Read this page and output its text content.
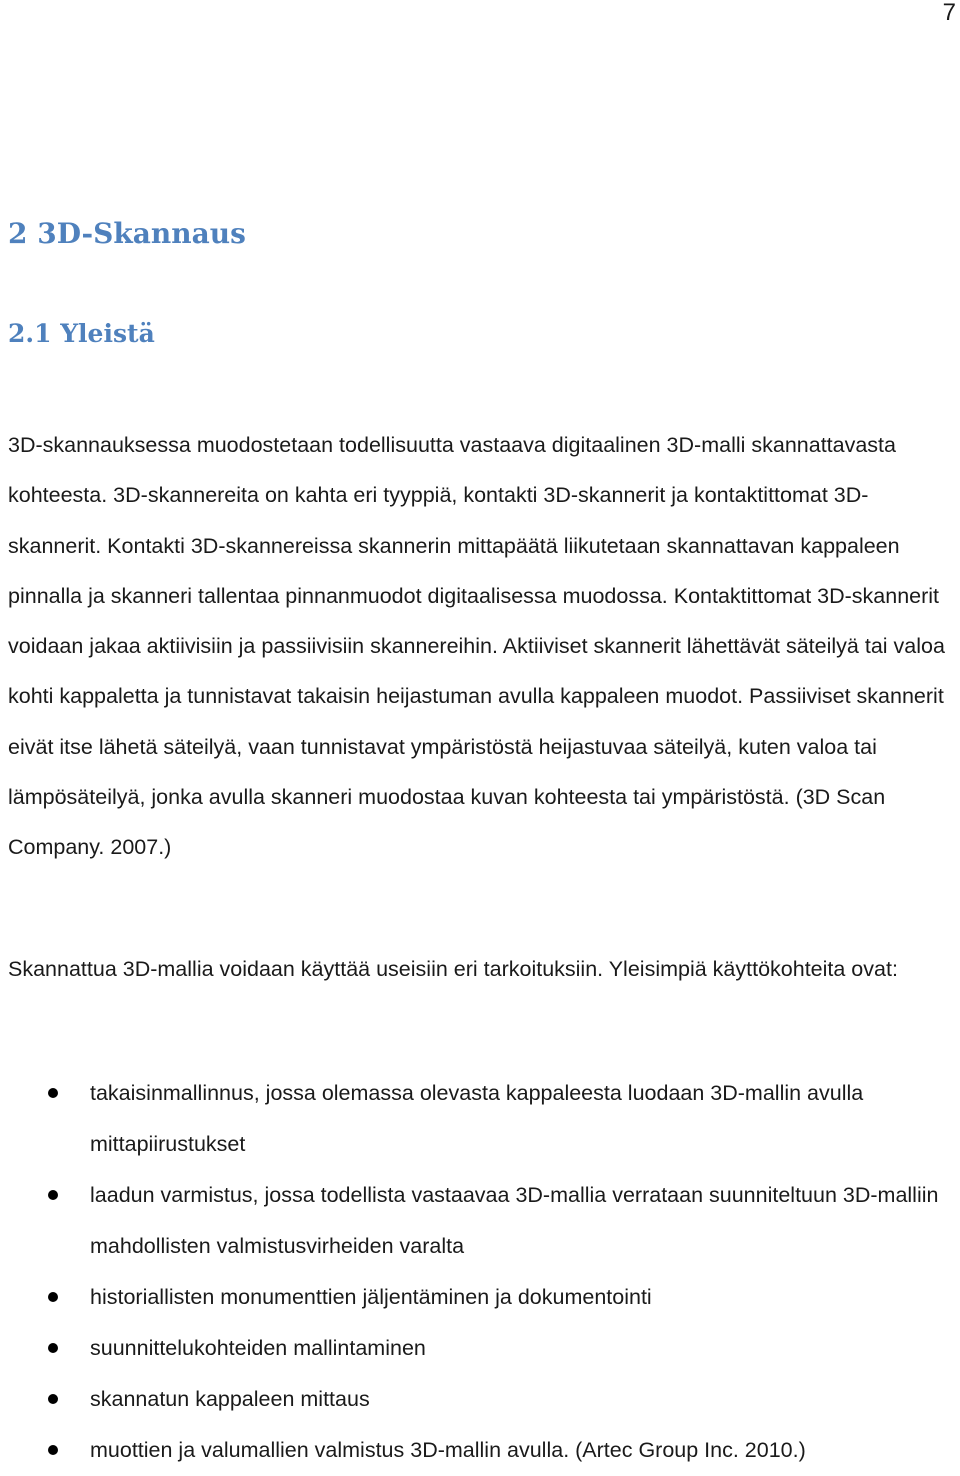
7
2 3D-Skannaus
2.1 Yleistä

3D-skannauksessa muodostetaan todellisuutta vastaava digitaalinen 3D-malli skannattavasta kohteesta. 3D-skannereita on kahta eri tyyppiä, kontakti 3D-skannerit ja kontaktittomat 3D-skannerit. Kontakti 3D-skannereissa skannerin mittapäätä liikutetaan skannattavan kappaleen pinnalla ja skanneri tallentaa pinnanmuodot digitaalisessa muodossa. Kontaktittomat 3D-skannerit voidaan jakaa aktiivisiin ja passiivisiin skannereihin. Aktiiviset skannerit lähettävät säteilyä tai valoa kohti kappaletta ja tunnistavat takaisin heijastuman avulla kappaleen muodot. Passiiviset skannerit eivät itse lähetä säteilyä, vaan tunnistavat ympäristöstä heijastuvaa säteilyä, kuten valoa tai lämpösäteilyä, jonka avulla skanneri muodostaa kuvan kohteesta tai ympäristöstä. (3D Scan Company. 2007.)

Skannattua 3D-mallia voidaan käyttää useisiin eri tarkoituksiin. Yleisimpiä käyttökohteita ovat:

takaisinmallinnus, jossa olemassa olevasta kappaleesta luodaan 3D-mallin avulla mittapiirustukset
laadun varmistus, jossa todellista vastaavaa 3D-mallia verrataan suunniteltuun 3D-malliin mahdollisten valmistusvirheiden varalta
historiallisten monumenttien jäljentäminen ja dokumentointi
suunnittelukohteiden mallintaminen
skannatun kappaleen mittaus
muottien ja valumallien valmistus 3D-mallin avulla. (Artec Group Inc. 2010.)
